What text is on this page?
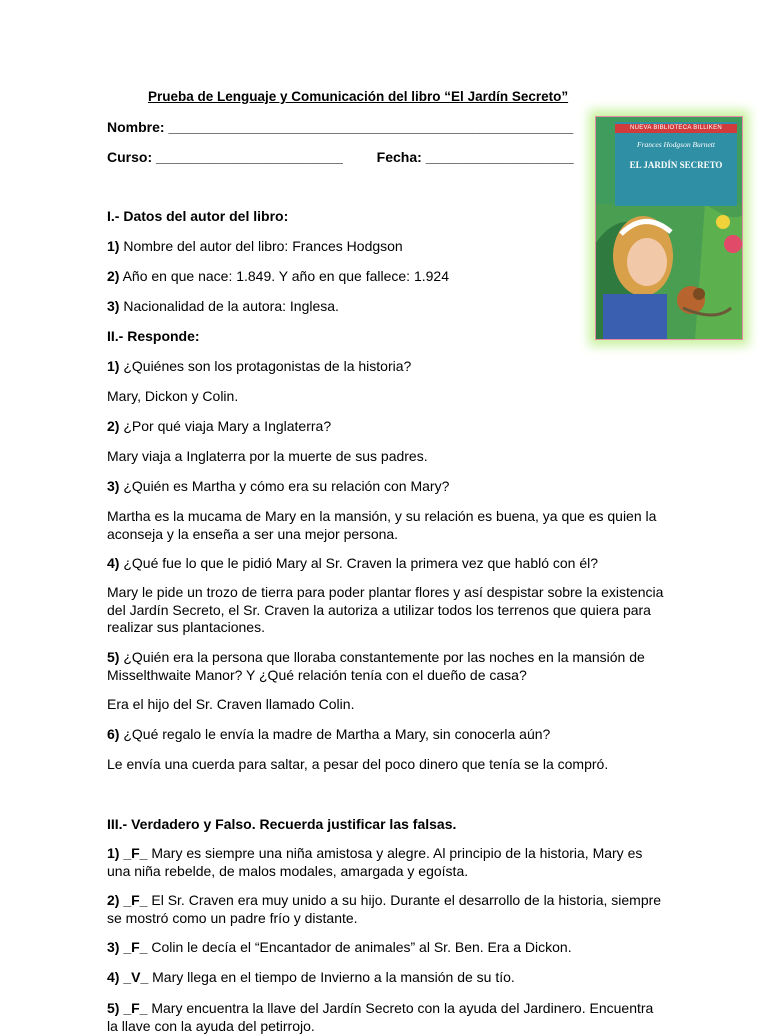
Prueba de Lenguaje y Comunicación del libro “El Jardín Secreto”
Nombre: ____________________________________________________
Curso: ________________________ Fecha: ___________________
NUEVA BIBLIOTECA BILLIKEN
Frances Hodgson Burnett
EL JARDÍN SECRETO
I.- Datos del autor del libro:
1) Nombre del autor del libro: Frances Hodgson
2) Año en que nace: 1.849. Y año en que fallece: 1.924
3) Nacionalidad de la autora: Inglesa.
II.- Responde:
1) ¿Quiénes son los protagonistas de la historia?
Mary, Dickon y Colin.
2) ¿Por qué viaja Mary a Inglaterra?
Mary viaja a Inglaterra por la muerte de sus padres.
3) ¿Quién es Martha y cómo era su relación con Mary?
Martha es la mucama de Mary en la mansión, y su relación es buena, ya que es quien la aconseja y la enseña a ser una mejor persona.
4) ¿Qué fue lo que le pidió Mary al Sr. Craven la primera vez que habló con él?
Mary le pide un trozo de tierra para poder plantar flores y así despistar sobre la existencia del Jardín Secreto, el Sr. Craven la autoriza a utilizar todos los terrenos que quiera para realizar sus plantaciones.
5) ¿Quién era la persona que lloraba constantemente por las noches en la mansión de Misselthwaite Manor? Y ¿Qué relación tenía con el dueño de casa?
Era el hijo del Sr. Craven llamado Colin.
6) ¿Qué regalo le envía la madre de Martha a Mary, sin conocerla aún?
Le envía una cuerda para saltar, a pesar del poco dinero que tenía se la compró.
III.- Verdadero y Falso. Recuerda justificar las falsas.
1) _F_ Mary es siempre una niña amistosa y alegre. Al principio de la historia, Mary es una niña rebelde, de malos modales, amargada y egoísta.
2) _F_ El Sr. Craven era muy unido a su hijo. Durante el desarrollo de la historia, siempre se mostró como un padre frío y distante.
3) _F_ Colin le decía el “Encantador de animales” al Sr. Ben. Era a Dickon.
4) _V_ Mary llega en el tiempo de Invierno a la mansión de su tío.
5) _F_ Mary encuentra la llave del Jardín Secreto con la ayuda del Jardinero. Encuentra la llave con la ayuda del petirrojo.
